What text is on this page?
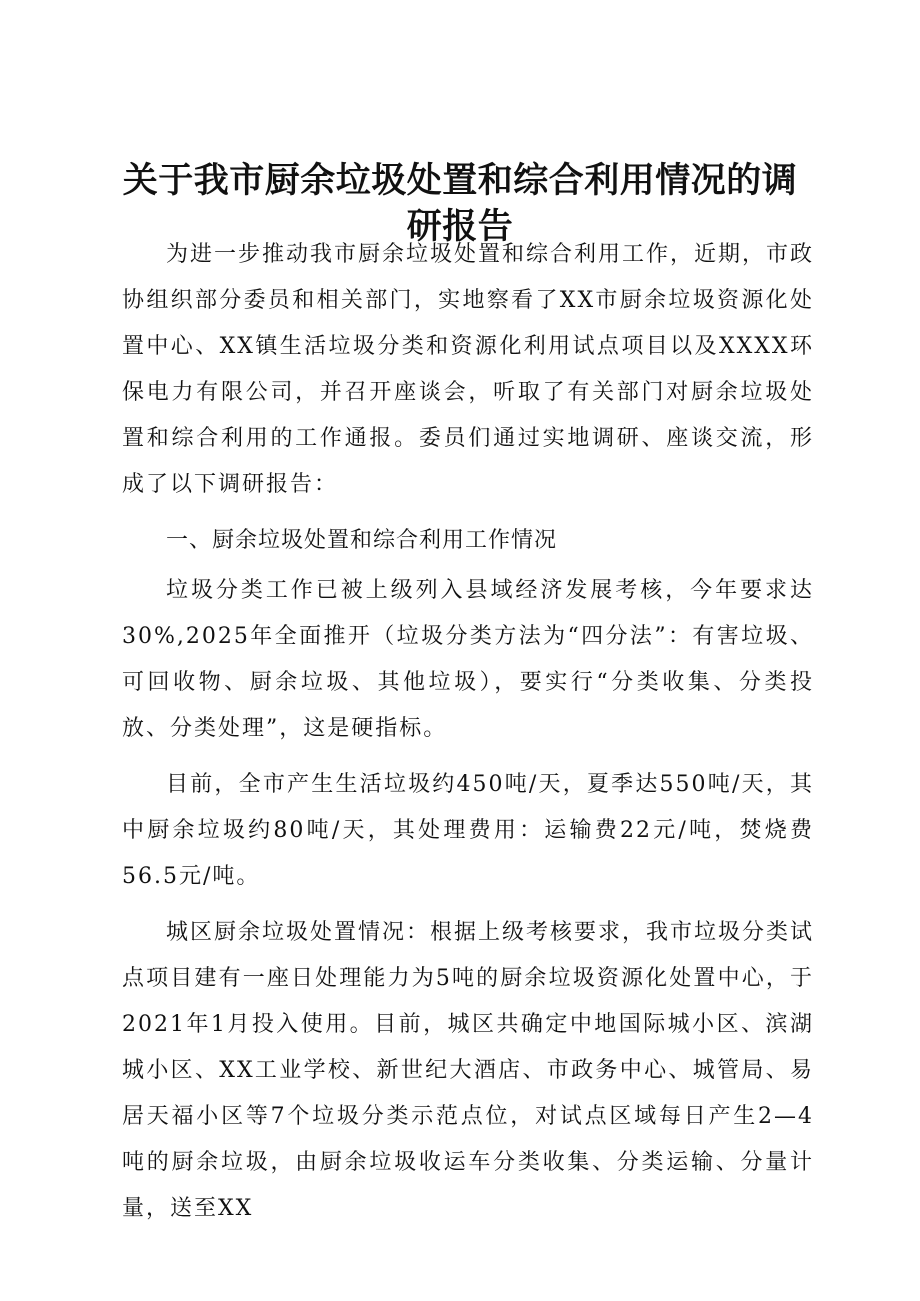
关于我市厨余垃圾处置和综合利用情况的调研报告

为进一步推动我市厨余垃圾处置和综合利用工作，近期，市政协组织部分委员和相关部门，实地察看了XX市厨余垃圾资源化处置中心、XX镇生活垃圾分类和资源化利用试点项目以及XXXX环保电力有限公司，并召开座谈会，听取了有关部门对厨余垃圾处置和综合利用的工作通报。委员们通过实地调研、座谈交流，形成了以下调研报告：

一、厨余垃圾处置和综合利用工作情况

垃圾分类工作已被上级列入县域经济发展考核，今年要求达30%,2025年全面推开（垃圾分类方法为“四分法”：有害垃圾、可回收物、厨余垃圾、其他垃圾），要实行“分类收集、分类投放、分类处理”，这是硬指标。

目前，全市产生生活垃圾约450吨/天，夏季达550吨/天，其中厨余垃圾约80吨/天，其处理费用：运输费22元/吨，焚烧费56.5元/吨。

城区厨余垃圾处置情况：根据上级考核要求，我市垃圾分类试点项目建有一座日处理能力为5吨的厨余垃圾资源化处置中心，于2021年1月投入使用。目前，城区共确定中地国际城小区、滨湖城小区、XX工业学校、新世纪大酒店、市政务中心、城管局、易居天福小区等7个垃圾分类示范点位，对试点区域每日产生2—4吨的厨余垃圾，由厨余垃圾收运车分类收集、分类运输、分量计量，送至XX
